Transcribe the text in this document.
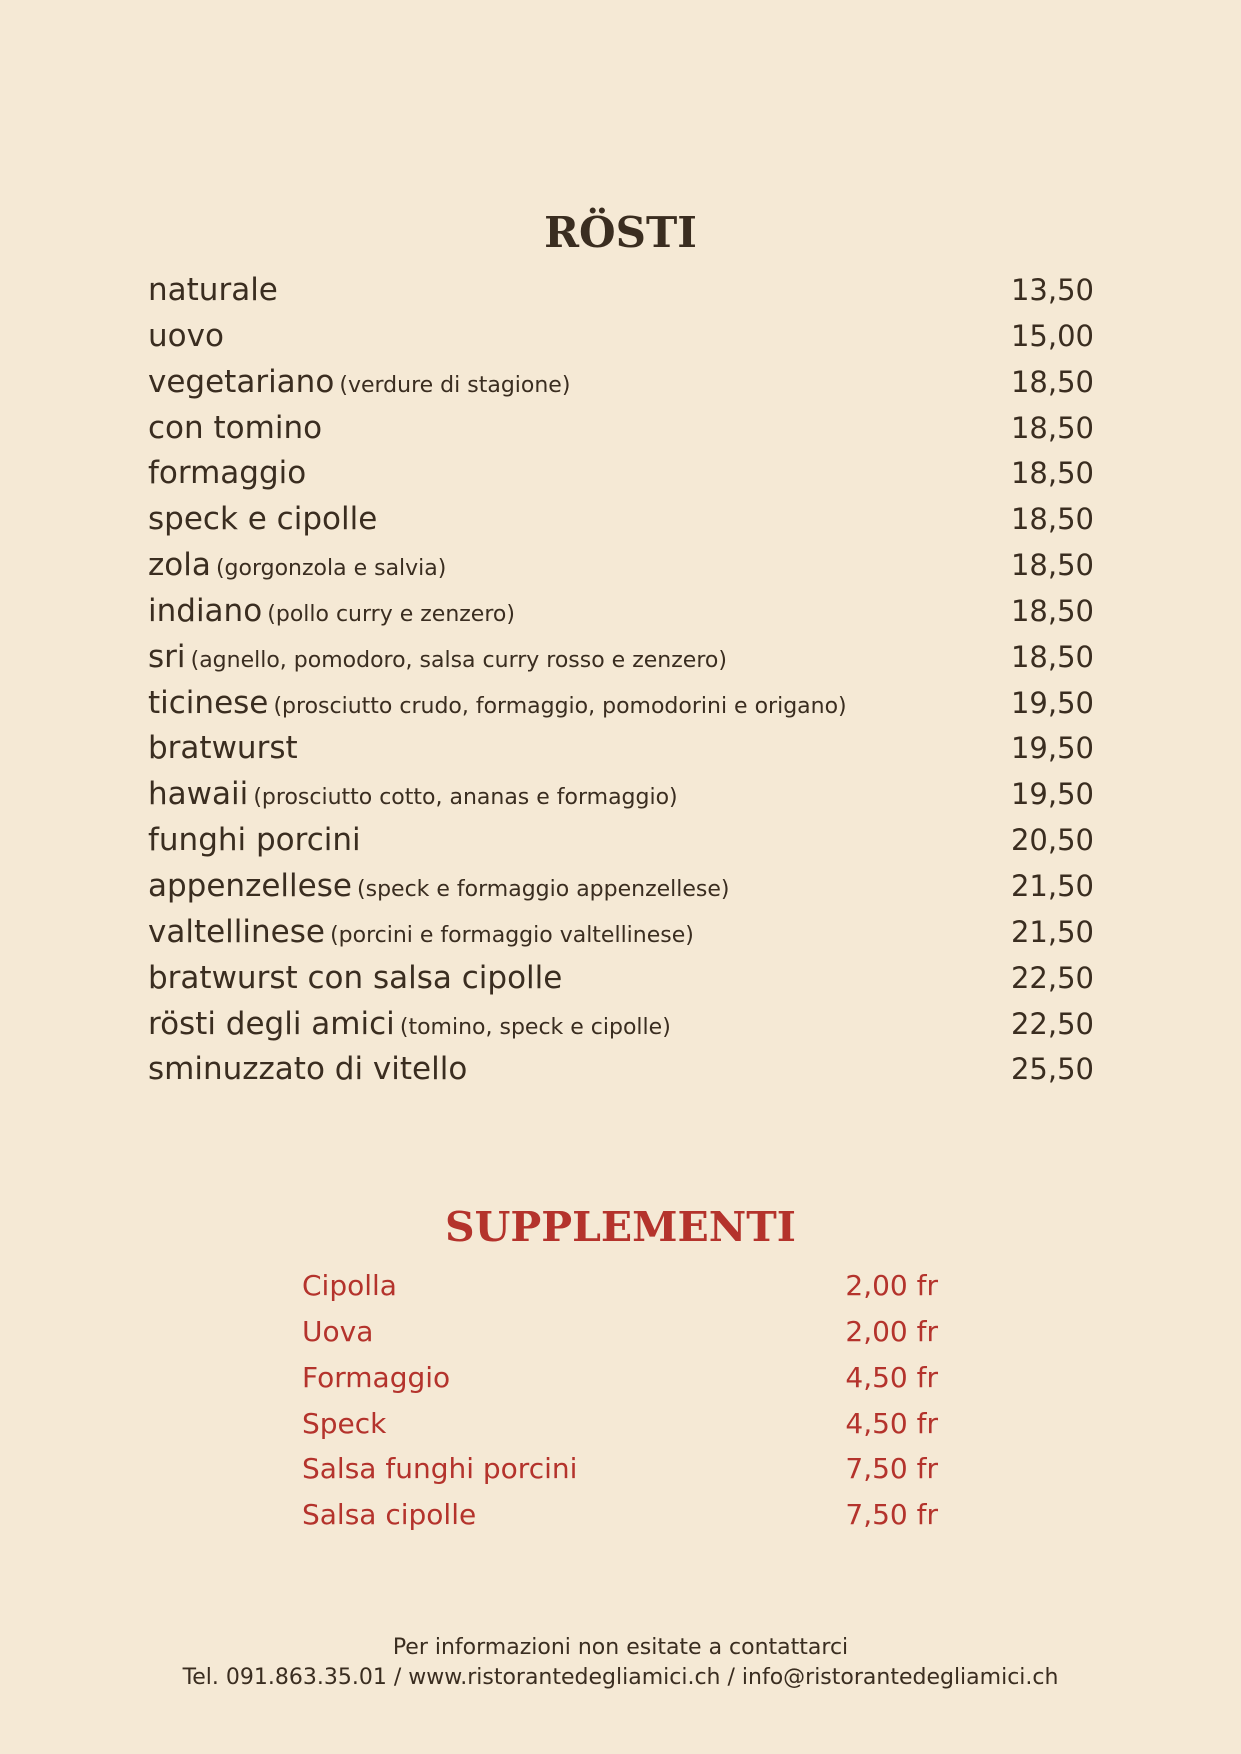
RÖSTI
naturale	13,50
uovo	15,00
vegetariano (verdure di stagione)	18,50
con tomino	18,50
formaggio	18,50
speck e cipolle	18,50
zola (gorgonzola e salvia)	18,50
indiano (pollo curry e zenzero)	18,50
sri (agnello, pomodoro, salsa curry rosso e zenzero)	18,50
ticinese (prosciutto crudo, formaggio, pomodorini e origano)	19,50
bratwurst	19,50
hawaii (prosciutto cotto, ananas e formaggio)	19,50
funghi porcini	20,50
appenzellese (speck e formaggio appenzellese)	21,50
valtellinese (porcini e formaggio valtellinese)	21,50
bratwurst con salsa cipolle	22,50
rösti degli amici (tomino, speck e cipolle)	22,50
sminuzzato di vitello	25,50
SUPPLEMENTI
Cipolla	2,00 fr
Uova	2,00 fr
Formaggio	4,50 fr
Speck	4,50 fr
Salsa funghi porcini	7,50 fr
Salsa cipolle	7,50 fr

Per informazioni non esitate a contattarci

Tel. 091.863.35.01 / www.ristorantedegliamici.ch / info@ristorantedegliamici.ch
